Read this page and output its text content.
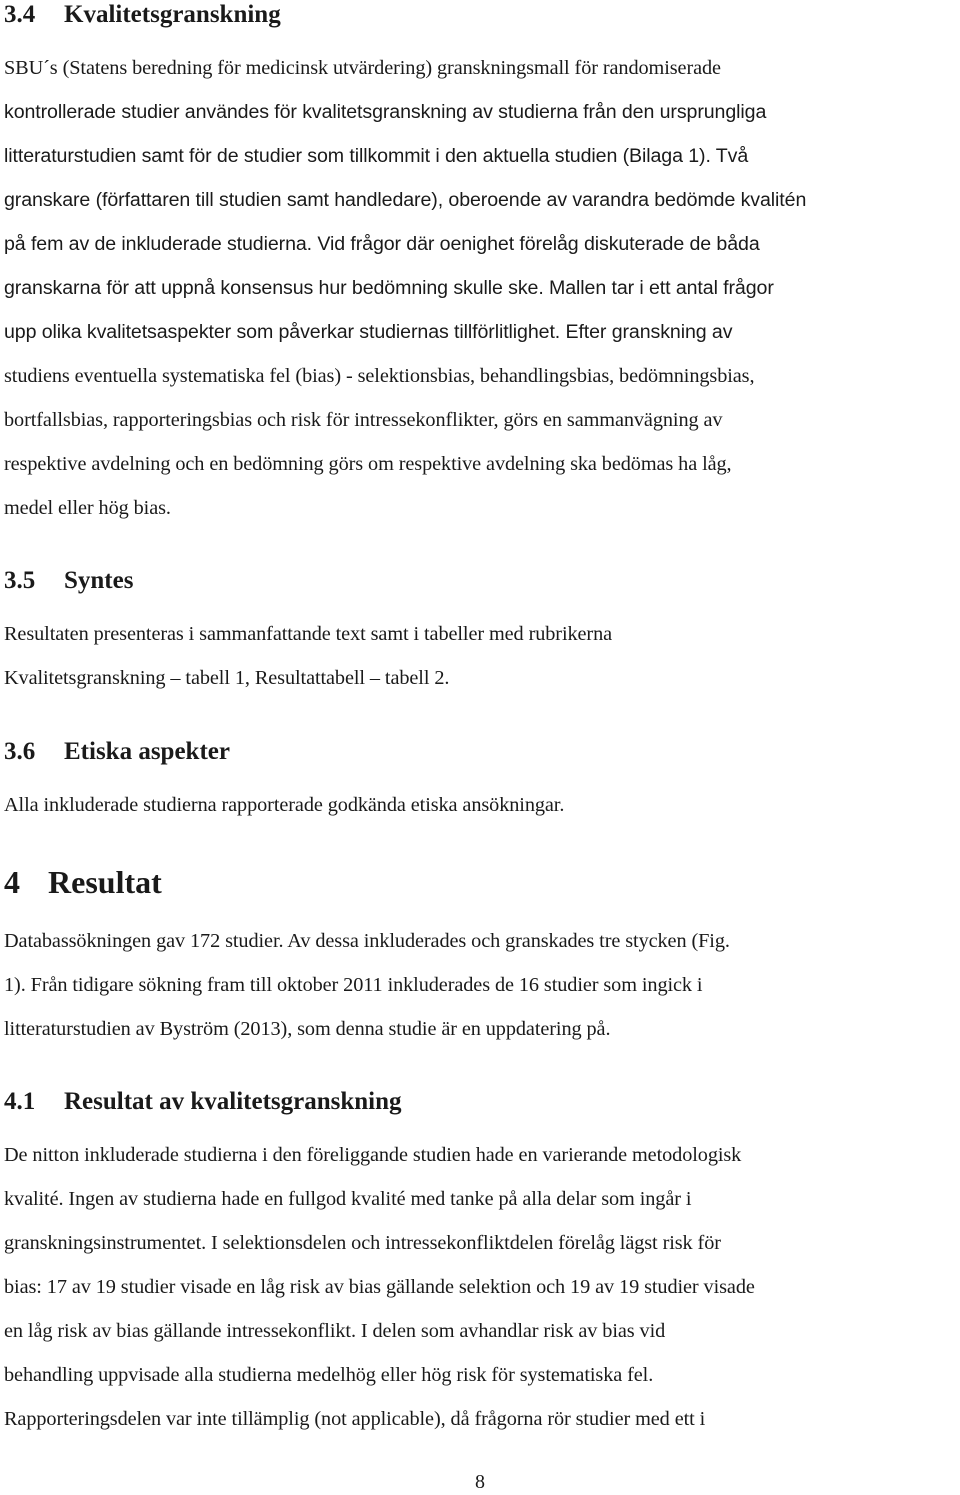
3.4 Kvalitetsgranskning
SBU´s (Statens beredning för medicinsk utvärdering) granskningsmall för randomiserade
kontrollerade studier användes för kvalitetsgranskning av studierna från den ursprungliga
litteraturstudien samt för de studier som tillkommit i den aktuella studien (Bilaga 1). Två
granskare (författaren till studien samt handledare), oberoende av varandra bedömde kvalitén
på fem av de inkluderade studierna. Vid frågor där oenighet förelåg diskuterade de båda
granskarna för att uppnå konsensus hur bedömning skulle ske. Mallen tar i ett antal frågor
upp olika kvalitetsaspekter som påverkar studiernas tillförlitlighet. Efter granskning av
studiens eventuella systematiska fel (bias) - selektionsbias, behandlingsbias, bedömningsbias,
bortfallsbias, rapporteringsbias och risk för intressekonflikter, görs en sammanvägning av
respektive avdelning och en bedömning görs om respektive avdelning ska bedömas ha låg,
medel eller hög bias.
3.5 Syntes
Resultaten presenteras i sammanfattande text samt i tabeller med rubrikerna
Kvalitetsgranskning – tabell 1, Resultattabell – tabell 2.
3.6 Etiska aspekter
Alla inkluderade studierna rapporterade godkända etiska ansökningar.
4 Resultat
Databassökningen gav 172 studier. Av dessa inkluderades och granskades tre stycken (Fig.
1). Från tidigare sökning fram till oktober 2011 inkluderades de 16 studier som ingick i
litteraturstudien av Byström (2013), som denna studie är en uppdatering på.
4.1 Resultat av kvalitetsgranskning
De nitton inkluderade studierna i den föreliggande studien hade en varierande metodologisk
kvalité. Ingen av studierna hade en fullgod kvalité med tanke på alla delar som ingår i
granskningsinstrumentet. I selektionsdelen och intressekonfliktdelen förelåg lägst risk för
bias: 17 av 19 studier visade en låg risk av bias gällande selektion och 19 av 19 studier visade
en låg risk av bias gällande intressekonflikt. I delen som avhandlar risk av bias vid
behandling uppvisade alla studierna medelhög eller hög risk för systematiska fel.
Rapporteringsdelen var inte tillämplig (not applicable), då frågorna rör studier med ett i
8
